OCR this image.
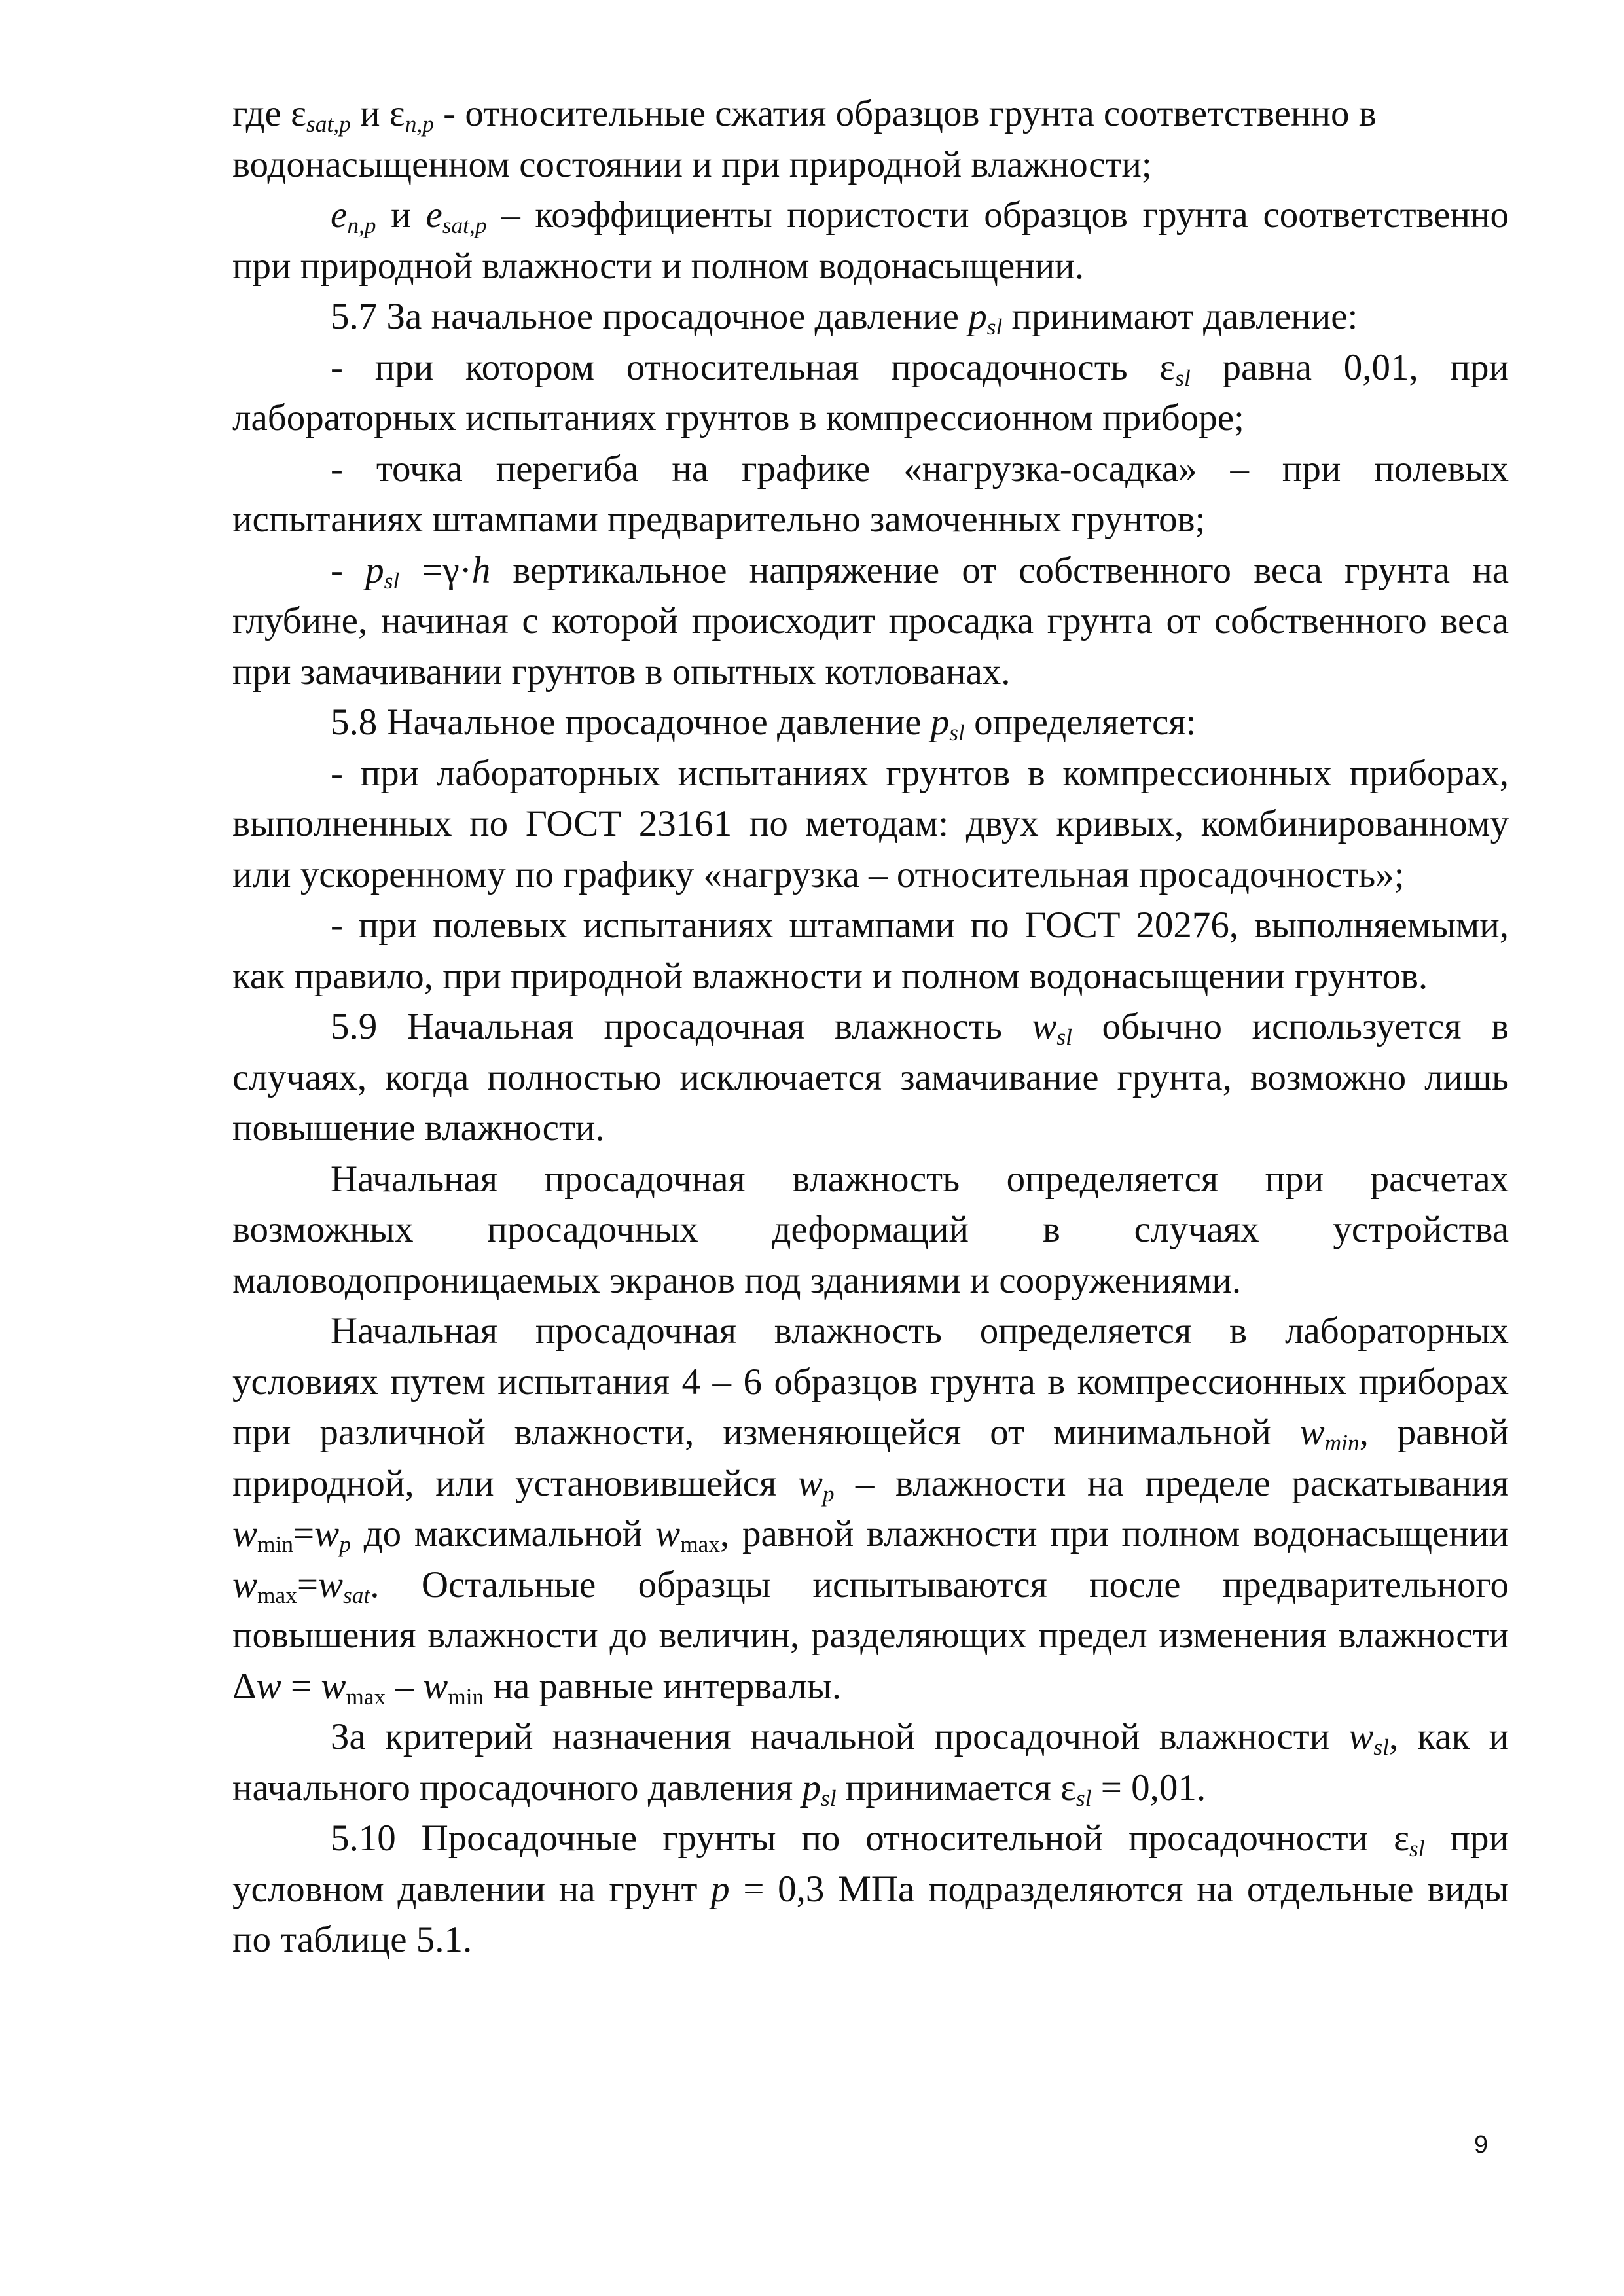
где $\varepsilon_{sat,p}$ и $\varepsilon_{n,p}$ - относительные сжатия образцов грунта соответственно в водонасыщенном состоянии и при природной влажности;

$e_{n,p}$ и $e_{sat,p}$ – коэффициенты пористости образцов грунта соответственно при природной влажности и полном водонасыщении.

5.7 За начальное просадочное давление $p_{sl}$ принимают давление:

- при котором относительная просадочность $\varepsilon_{sl}$ равна 0,01, при лабораторных испытаниях грунтов в компрессионном приборе;

- точка перегиба на графике «нагрузка-осадка» – при полевых испытаниях штампами предварительно замоченных грунтов;

- $p_{sl} =\gamma\cdot h$ вертикальное напряжение от собственного веса грунта на глубине, начиная с которой происходит просадка грунта от собственного веса при замачивании грунтов в опытных котлованах.

5.8 Начальное просадочное давление $p_{sl}$ определяется:

- при лабораторных испытаниях грунтов в компрессионных приборах, выполненных по ГОСТ 23161 по методам: двух кривых, комбинированному или ускоренному по графику «нагрузка – относительная просадочность»;

- при полевых испытаниях штампами по ГОСТ 20276, выполняемыми, как правило, при природной влажности и полном водонасыщении грунтов.

5.9 Начальная просадочная влажность $w_{sl}$ обычно используется в случаях, когда полностью исключается замачивание грунта, возможно лишь повышение влажности.

Начальная просадочная влажность определяется при расчетах возможных просадочных деформаций в случаях устройства маловодопроницаемых экранов под зданиями и сооружениями.

Начальная просадочная влажность определяется в лабораторных условиях путем испытания 4 – 6 образцов грунта в компрессионных приборах при различной влажности, изменяющейся от минимальной $w_{min}$, равной природной, или установившейся $w_p$ – влажности на пределе раскатывания $w_{min}=w_p$ до максимальной $w_{max}$, равной влажности при полном водонасыщении $w_{max}=w_{sat}$. Остальные образцы испытываются после предварительного повышения влажности до величин, разделяющих предел изменения влажности $\Delta w = w_{max} - w_{min}$ на равные интервалы.

За критерий назначения начальной просадочной влажности $w_{sl}$, как и начального просадочного давления $p_{sl}$ принимается $\varepsilon_{sl} = 0,01$.

5.10 Просадочные грунты по относительной просадочности $\varepsilon_{sl}$ при условном давлении на грунт p = 0,3 МПа подразделяются на отдельные виды по таблице 5.1.

9
